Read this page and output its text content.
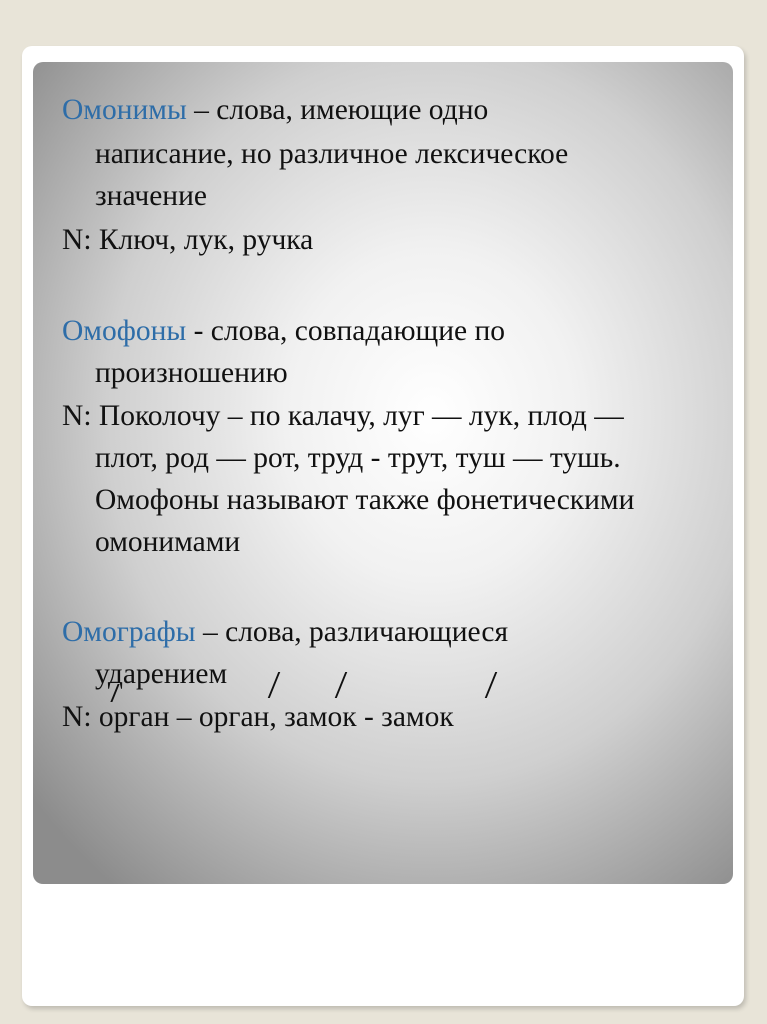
Омонимы – слова, имеющие одно

написание, но различное лексическое

значение

N: Ключ, лук, ручка

Омофоны - слова, совпадающие по

произношению

N: Поколочу – по калачу, луг — лук, плод —

плот, род — рот, труд - трут, туш — тушь.

Омофоны называют также фонетическими

омонимами

Омографы – слова, различающиеся

ударением

N: орган – орган, замок - замок
